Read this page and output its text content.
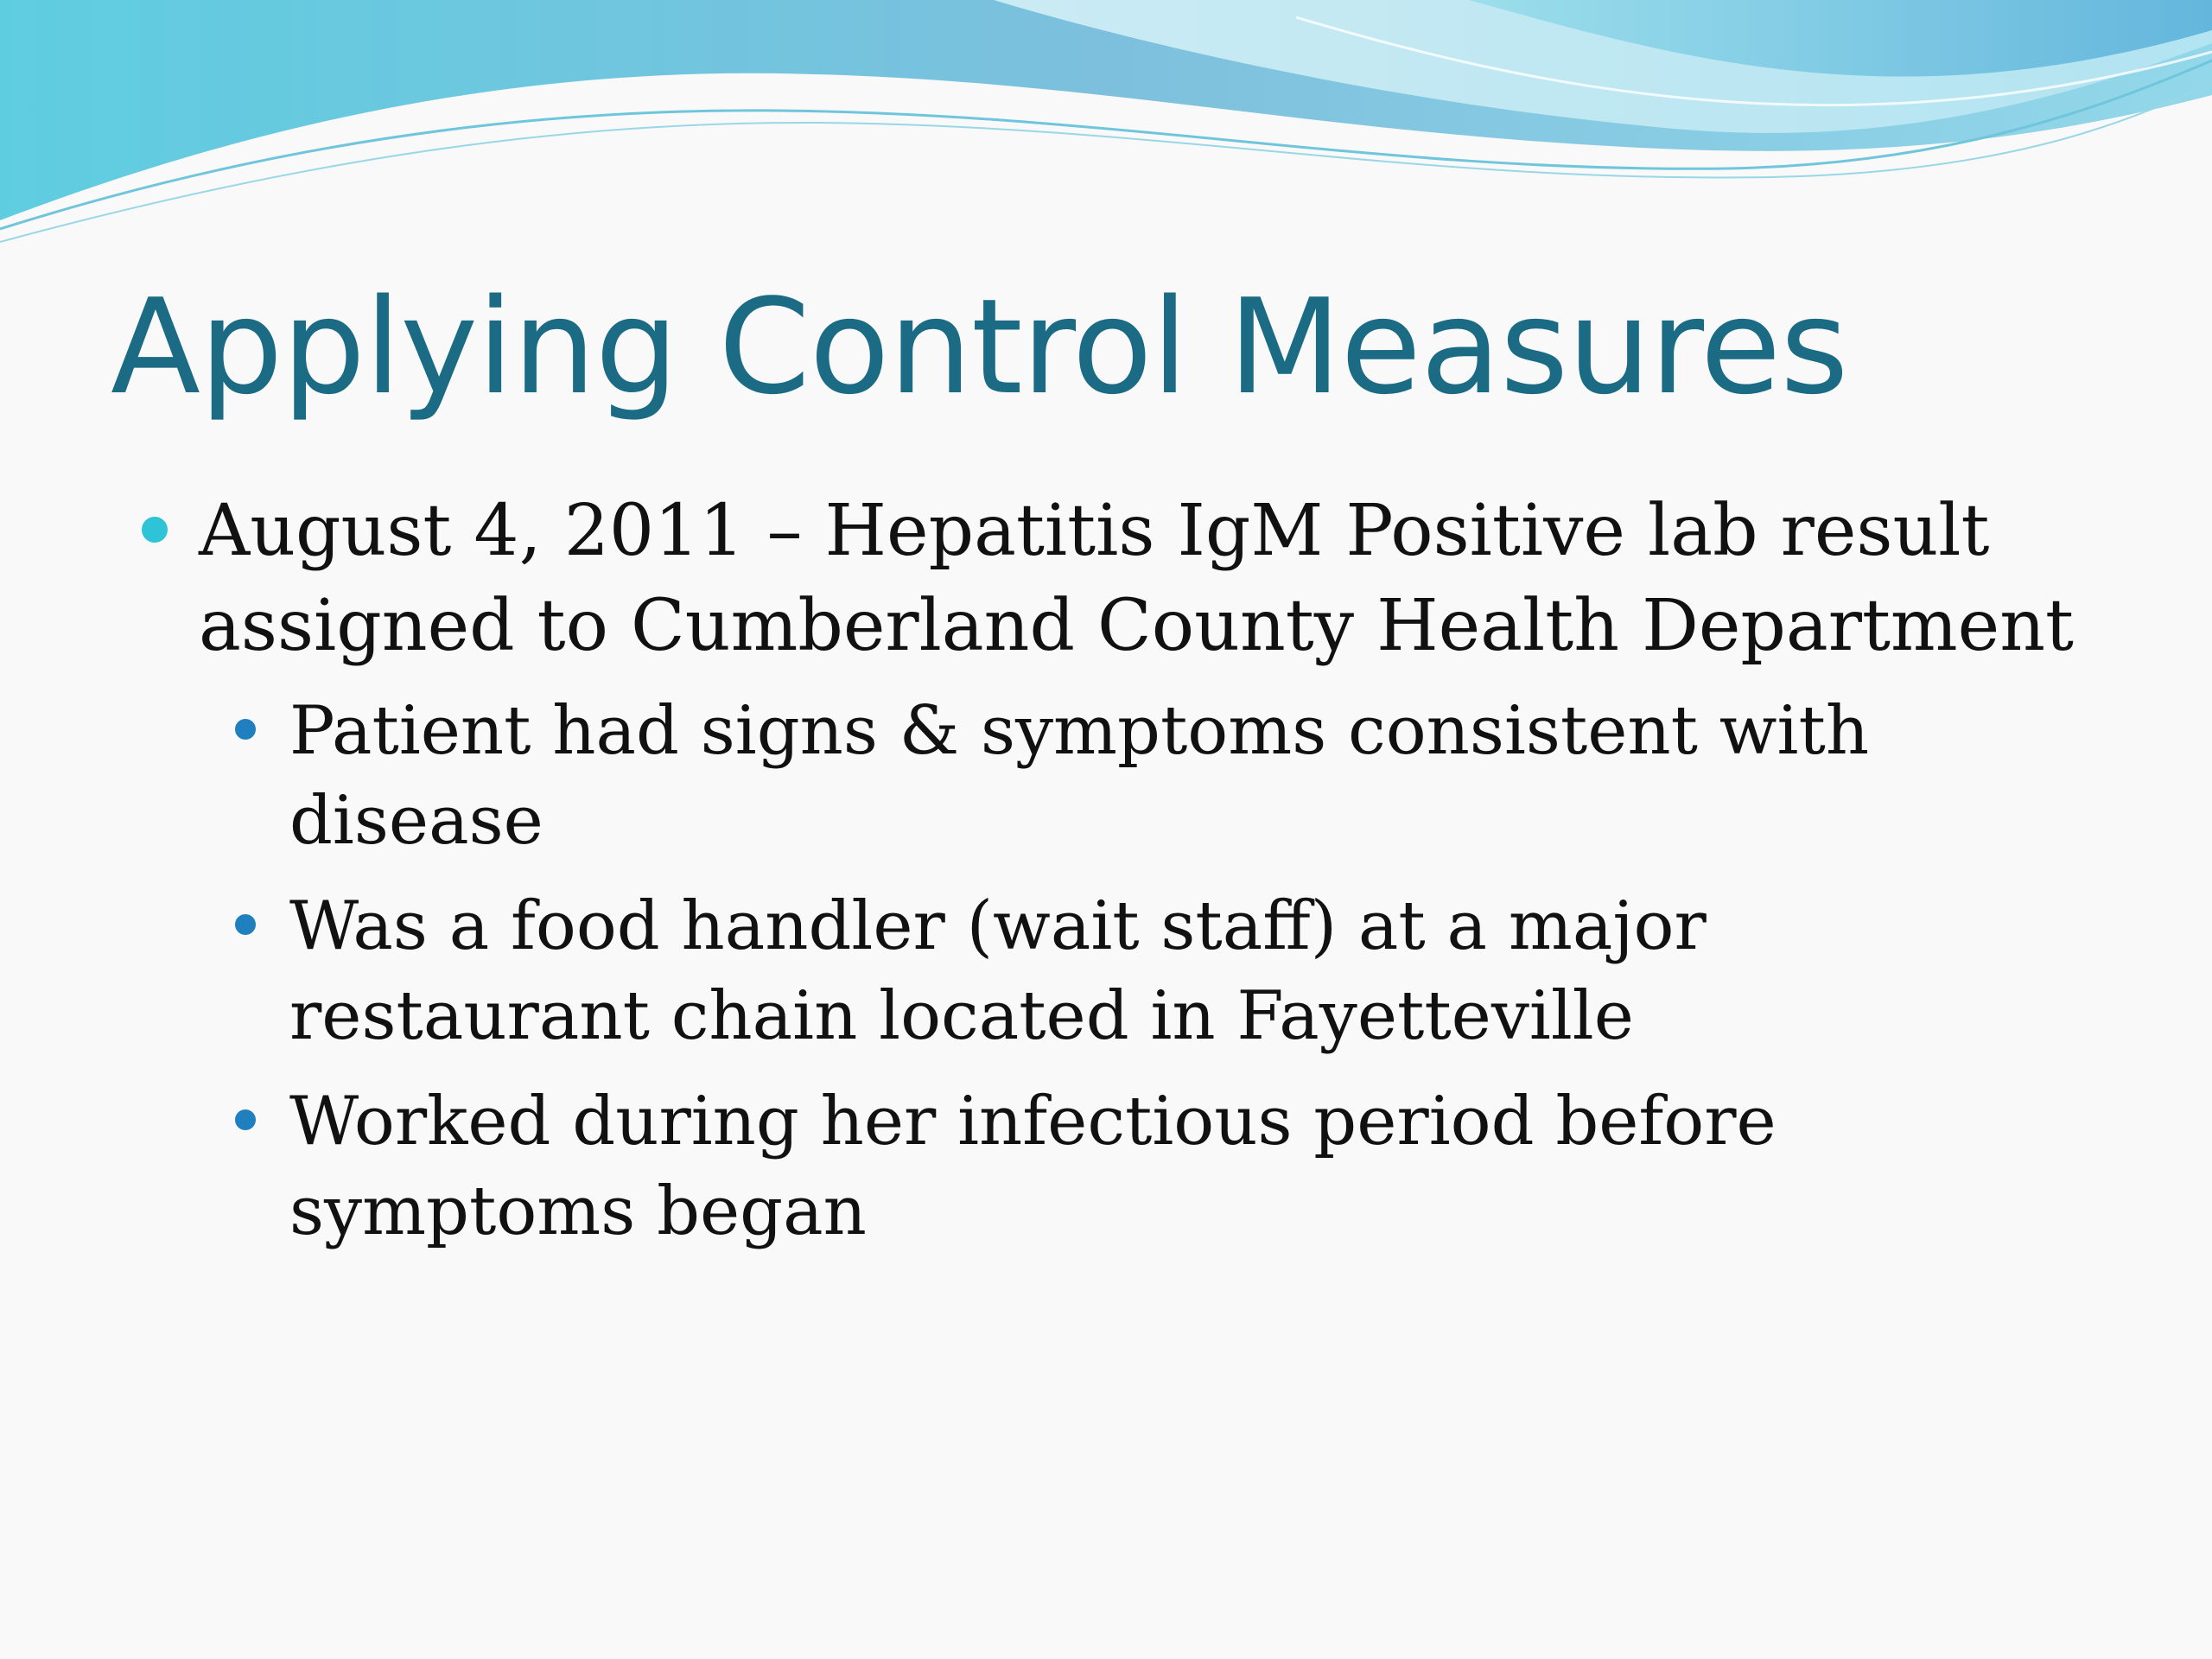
Applying Control Measures
August 4, 2011 – Hepatitis IgM Positive lab result assigned to Cumberland County Health Department
Patient had signs & symptoms consistent with disease
Was a food handler (wait staff) at a major restaurant chain located in Fayetteville
Worked during her infectious period before symptoms began
